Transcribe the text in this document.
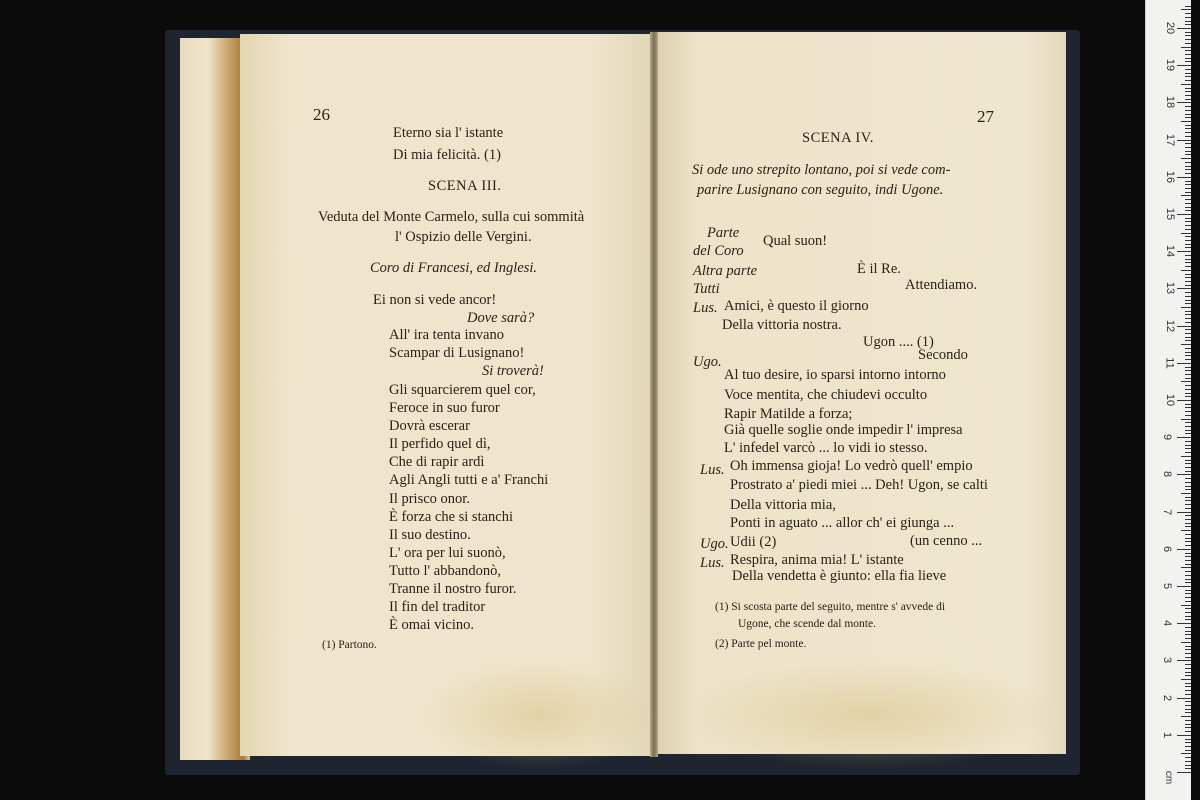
26
Eterno sia l' istante
Di mia felicità. (1)
SCENA III.
Veduta del Monte Carmelo, sulla cui sommità
l' Ospizio delle Vergini.
Coro di Francesi, ed Inglesi.
Ei non si vede ancor!
Dove sarà?
All' ira tenta invano
Scampar di Lusignano!
Si troverà!
Gli squarcierem quel cor,
Feroce in suo furor
Dovrà escerar
Il perfido quel dì,
Che di rapir ardì
Agli Angli tutti e a' Franchi
Il prisco onor.
È forza che si stanchi
Il suo destino.
L' ora per lui suonò,
Tutto l' abbandonò,
Tranne il nostro furor.
Il fin del traditor
È omai vicino.
(1) Partono.
27
SCENA IV.
Si ode uno strepito lontano, poi si vede com-
parire Lusignano con seguito, indi Ugone.
Parte
del Coro
Qual suon!
Altra parte	È il Re.
Tutti	Attendiamo.
Lus. Amici, è questo il giorno
Della vittoria nostra.
Ugon .... (1)
Secondo
Ugo.
Al tuo desire, io sparsi intorno intorno
Voce mentita, che chiudevi occulto
Rapir Matilde a forza;
Già quelle soglie onde impedir l' impresa
L' infedel varcò ... lo vidi io stesso.
Lus. Oh immensa gioja! Lo vedrò quell' empio
Prostrato a' piedi miei ... Deh! Ugon, se calti
Della vittoria mia,
Ponti in aguato ... allor ch' ei giunga ...
Ugo. Udii (2)	(un cenno ...
Lus. Respira, anima mia! L' istante
Della vendetta è giunto: ella fia lieve
(1) Si scosta parte del seguito, mentre s' avvede di
Ugone, che scende dal monte.
(2) Parte pel monte.
cm
1
2
3
4
5
6
7
8
9
10
11
12
13
14
15
16
17
18
19
20
